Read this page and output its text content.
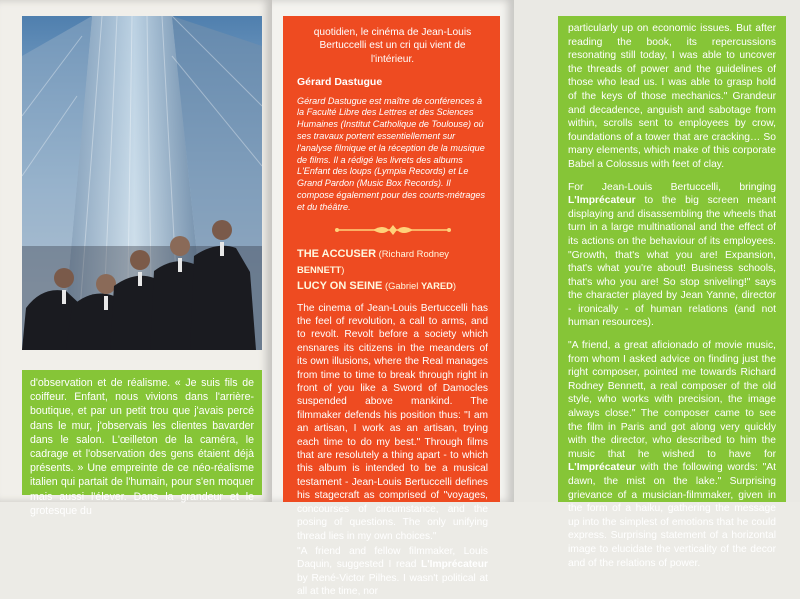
d'observation et de réalisme. « Je suis fils de coiffeur. Enfant, nous vivions dans l'arrière-boutique, et par un petit trou que j'avais percé dans le mur, j'observais les clientes bavarder dans le salon. L'œilleton de la caméra, le cadrage et l'observation des gens étaient déjà présents. » Une empreinte de ce néo-réalisme italien qui partait de l'humain, pour s'en moquer mais aussi l'élever. Dans la grandeur et le grotesque du

quotidien, le cinéma de Jean-Louis Bertuccelli est un cri qui vient de l'intérieur.

Gérard Dastugue

Gérard Dastugue est maître de conférences à la Faculté Libre des Lettres et des Sciences Humaines (Institut Catholique de Toulouse) où ses travaux portent essentiellement sur l'analyse filmique et la réception de la musique de films. Il a rédigé les livrets des albums L'Enfant des loups (Lympia Records) et Le Grand Pardon (Music Box Records). Il compose également pour des courts-métrages et du théâtre.

THE ACCUSER (Richard Rodney BENNETT)
LUCY ON SEINE (Gabriel YARED)

The cinema of Jean-Louis Bertuccelli has the feel of revolution, a call to arms, and to revolt. Revolt before a society which ensnares its citizens in the meanders of its own illusions, where the Real manages from time to time to break through right in front of you like a Sword of Damocles suspended above mankind. The filmmaker defends his position thus: "I am an artisan, I work as an artisan, trying each time to do my best." Through films that are resolutely a thing apart - to which this album is intended to be a musical testament - Jean-Louis Bertuccelli defines his stagecraft as comprised of "voyages, concourses of circumstance, and the posing of questions. The only unifying thread lies in my own choices."

"A friend and fellow filmmaker, Louis Daquin, suggested I read L'Imprécateur by René-Victor Pilhes. I wasn't political at all at the time, nor

particularly up on economic issues. But after reading the book, its repercussions resonating still today, I was able to uncover the threads of power and the guidelines of those who lead us. I was able to grasp hold of the keys of those mechanics." Grandeur and decadence, anguish and sabotage from within, scrolls sent to employees by crow, foundations of a tower that are cracking… So many elements, which make of this corporate Babel a Colossus with feet of clay.

For Jean-Louis Bertuccelli, bringing L'Imprécateur to the big screen meant displaying and disassembling the wheels that turn in a large multinational and the effect of its actions on the behaviour of its employees. "Growth, that's what you are! Expansion, that's what you're about! Business schools, that's who you are! So stop sniveling!" says the character played by Jean Yanne, director - ironically - of human relations (and not human resources).

"A friend, a great aficionado of movie music, from whom I asked advice on finding just the right composer, pointed me towards Richard Rodney Bennett, a real composer of the old style, who works with precision, the image always close." The composer came to see the film in Paris and got along very quickly with the director, who described to him the music that he wished to have for L'Imprécateur with the following words: "At dawn, the mist on the lake." Surprising grievance of a musician-filmmaker, given in the form of a haiku, gathering the message up into the simplest of emotions that he could express. Surprising statement of a horizontal image to elucidate the verticality of the decor and of the relations of power.
